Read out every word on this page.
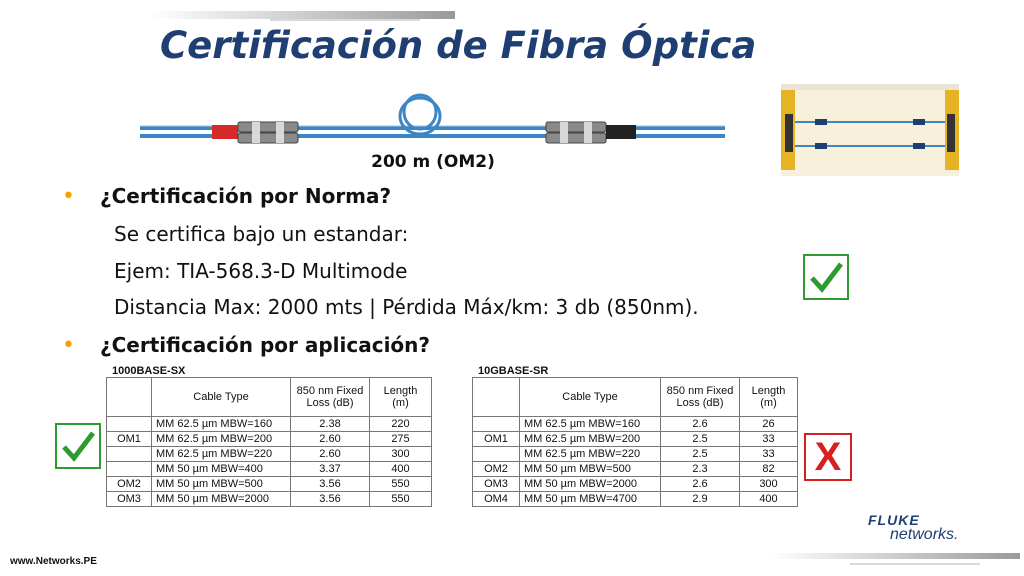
Certificación de Fibra Óptica
200 m (OM2)
• ¿Certificación por Norma?
Se certifica bajo un estandar:
Ejem: TIA-568.3-D Multimode
Distancia Max: 2000 mts | Pérdida Máx/km: 3 db (850nm).
• ¿Certificación por aplicación?
1000BASE-SX
	Cable Type	850 nm Fixed Loss (dB)	Length (m)
	MM 62.5 µm MBW=160	2.38	220
OM1	MM 62.5 µm MBW=200	2.60	275
	MM 62.5 µm MBW=220	2.60	300
	MM 50 µm MBW=400	3.37	400
OM2	MM 50 µm MBW=500	3.56	550
OM3	MM 50 µm MBW=2000	3.56	550
10GBASE-SR
	Cable Type	850 nm Fixed Loss (dB)	Length (m)
	MM 62.5 µm MBW=160	2.6	26
OM1	MM 62.5 µm MBW=200	2.5	33
	MM 62.5 µm MBW=220	2.5	33
OM2	MM 50 µm MBW=500	2.3	82
OM3	MM 50 µm MBW=2000	2.6	300
OM4	MM 50 µm MBW=4700	2.9	400
X
FLUKE
networks.
www.Networks.PE
